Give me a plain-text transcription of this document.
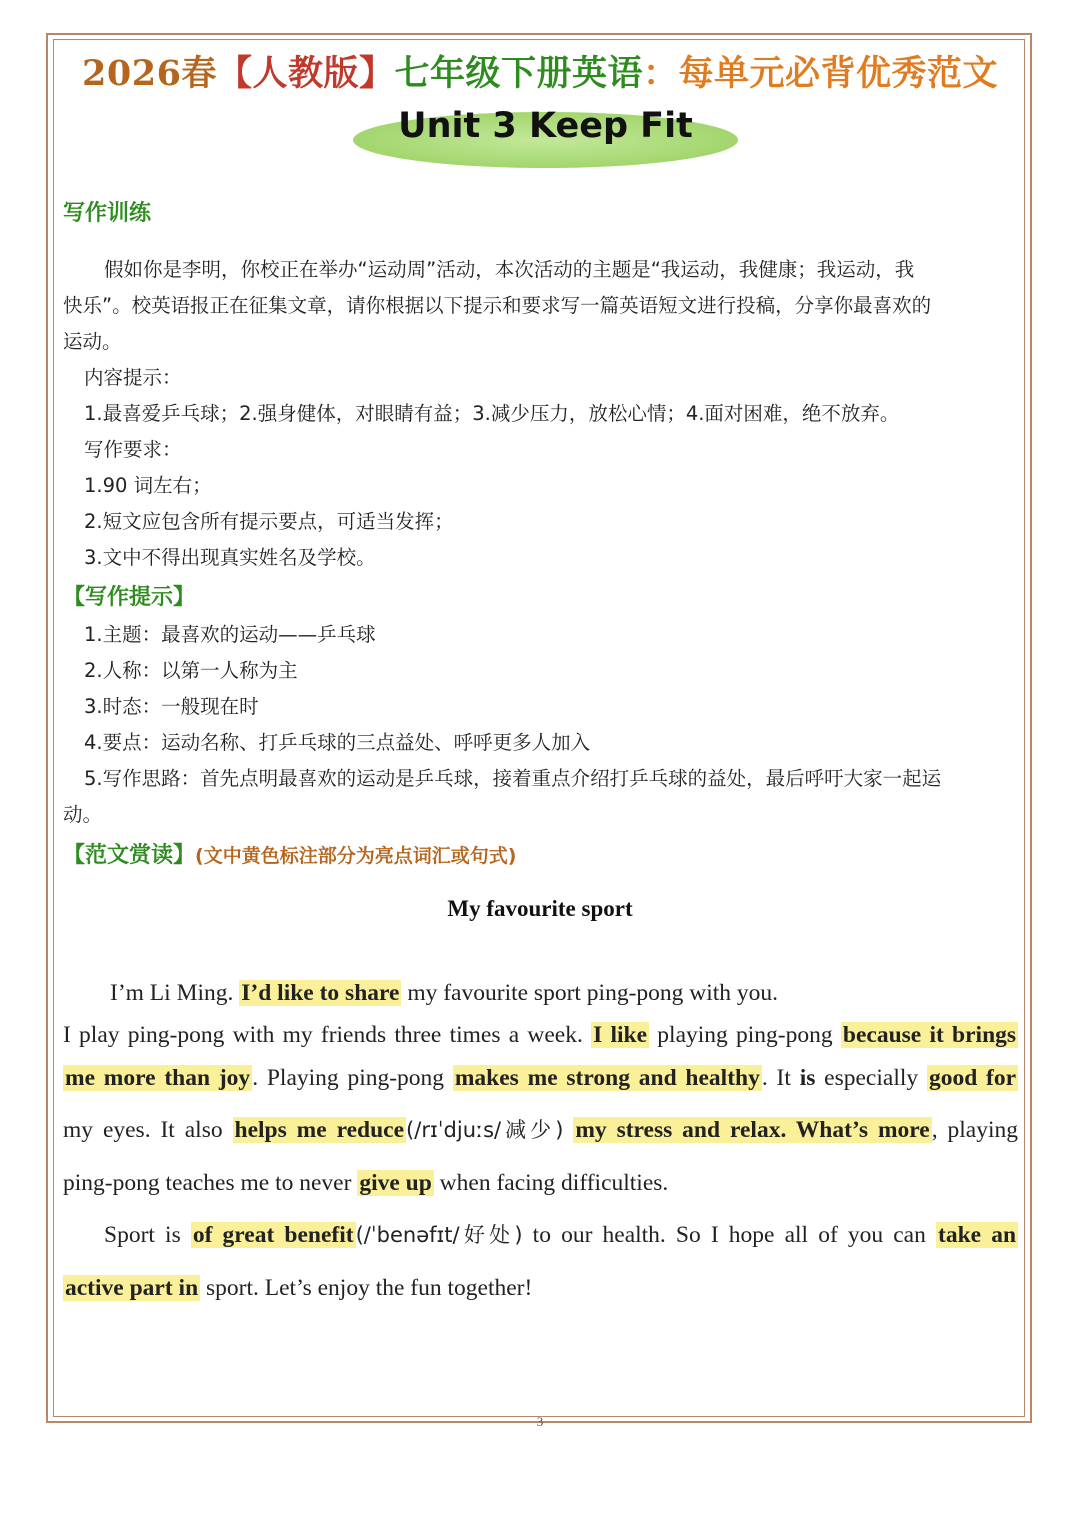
2026春【人教版】七年级下册英语：每单元必背优秀范文
Unit 3 Keep Fit
写作训练
假如你是李明，你校正在举办“运动周”活动，本次活动的主题是“我运动，我健康；我运动，我
快乐”。校英语报正在征集文章，请你根据以下提示和要求写一篇英语短文进行投稿，分享你最喜欢的
运动。
内容提示：
1.最喜爱乒乓球；2.强身健体，对眼睛有益；3.减少压力，放松心情；4.面对困难，绝不放弃。
写作要求：
1.90 词左右；
2.短文应包含所有提示要点，可适当发挥；
3.文中不得出现真实姓名及学校。
【写作提示】
1.主题：最喜欢的运动——乒乓球
2.人称：以第一人称为主
3.时态：一般现在时
4.要点：运动名称、打乒乓球的三点益处、呼呼更多人加入
5.写作思路：首先点明最喜欢的运动是乒乓球，接着重点介绍打乒乓球的益处，最后呼吁大家一起运
动。
【范文赏读】(文中黄色标注部分为亮点词汇或句式)
My favourite sport
I’m Li Ming. I’d like to share my favourite sport ping-pong with you.
I play ping-pong with my friends three times a week. I like playing ping-pong because it brings
me more than joy. Playing ping-pong makes me strong and healthy. It is especially good for
my eyes. It also helps me reduce(/rɪˈdjuːs/减少) my stress and relax. What’s more, playing
ping-pong teaches me to never give up when facing difficulties.
Sport is of great benefit(/ˈbenəfɪt/好处) to our health. So I hope all of you can take an
active part in sport. Let’s enjoy the fun together!
3
